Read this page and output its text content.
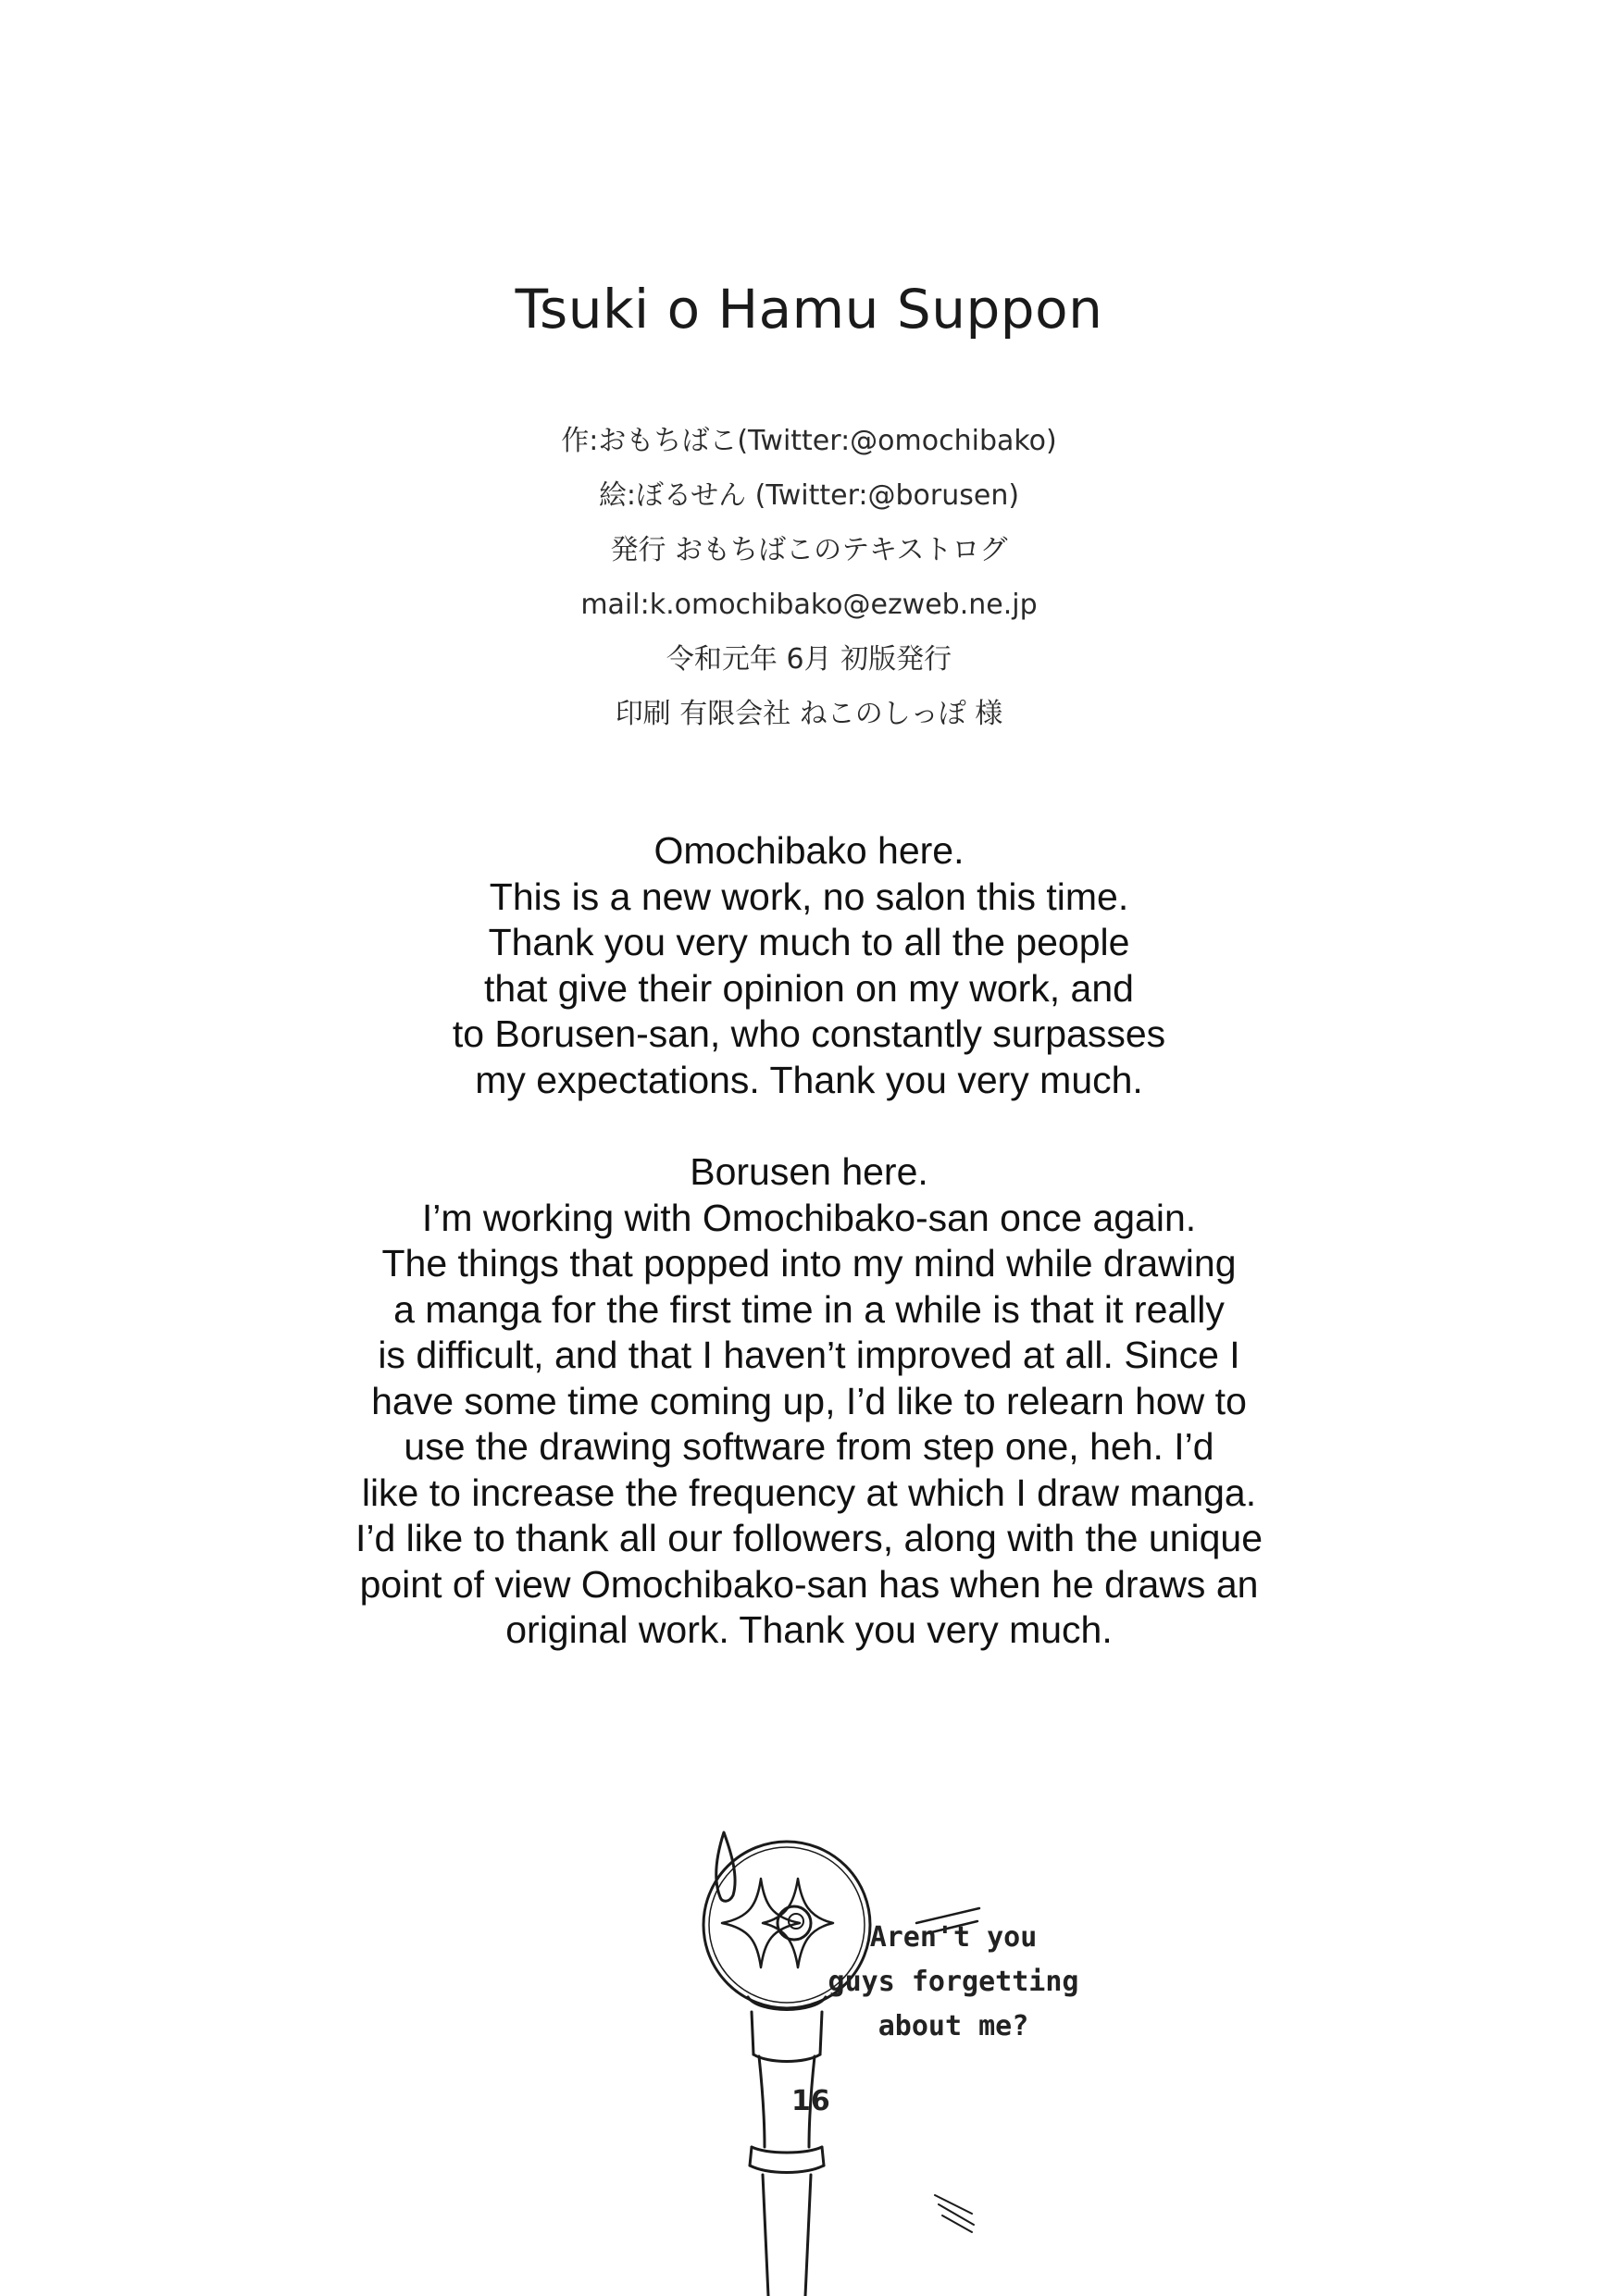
Tsuki o Hamu Suppon
作:おもちばこ(Twitter:@omochibako)
絵:ぼるせん (Twitter:@borusen)
発行 おもちばこのテキストログ
mail:k.omochibako@ezweb.ne.jp
令和元年 6月 初版発行
印刷 有限会社 ねこのしっぽ 様
Omochibako here.
This is a new work, no salon this time.
Thank you very much to all the people
that give their opinion on my work, and
to Borusen-san, who constantly surpasses
my expectations. Thank you very much.
Borusen here.
I’m working with Omochibako-san once again.
The things that popped into my mind while drawing
a manga for the first time in a while is that it really
is difficult, and that I haven’t improved at all. Since I
have some time coming up, I’d like to relearn how to
use the drawing software from step one, heh. I’d
like to increase the frequency at which I draw manga.
I’d like to thank all our followers, along with the unique
point of view Omochibako-san has when he draws an
original work. Thank you very much.
Aren't you
guys forgetting
about me?
16
